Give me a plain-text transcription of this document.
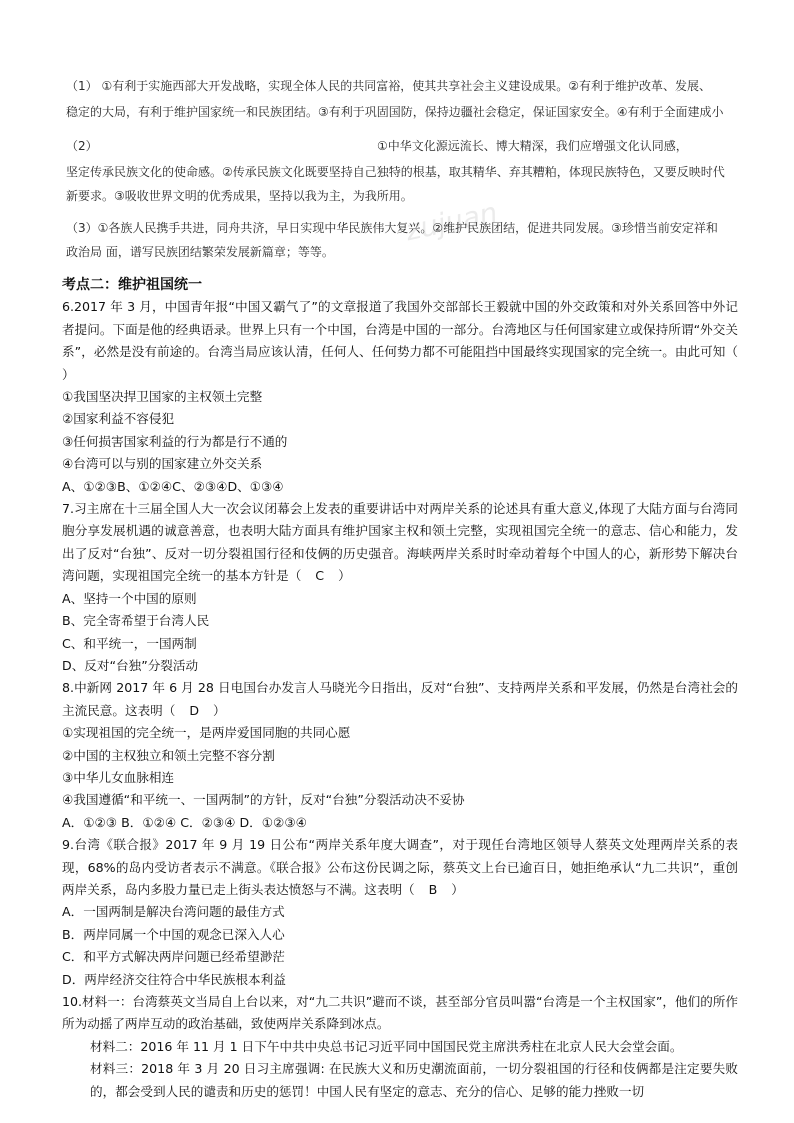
（1） ①有利于实施西部大开发战略，实现全体人民的共同富裕，使其共享社会主义建设成果。②有利于维护改革、发展、
稳定的大局，有利于维护国家统一和民族团结。③有利于巩固国防，保持边疆社会稳定，保证国家安全。④有利于全面建成小
（2）	①中华文化源远流长、博大精深，我们应增强文化认同感，
坚定传承民族文化的使命感。②传承民族文化既要坚持自己独特的根基，取其精华、弃其糟粕，体现民族特色，又要反映时代
新要求。③吸收世界文明的优秀成果，坚持以我为主，为我所用。
（3）①各族人民携手共进，同舟共济，早日实现中华民族伟大复兴。②维护民族团结，促进共同发展。③珍惜当前安定祥和
政治局 面，谱写民族团结繁荣发展新篇章；等等。
zujuan

考点二：维护祖国统一

6.2017 年 3 月，中国青年报“中国又霸气了”的文章报道了我国外交部部长王毅就中国的外交政策和对外关系回答中外记者提问。下面是他的经典语录。世界上只有一个中国，台湾是中国的一部分。台湾地区与任何国家建立或保持所谓“外交关系”，必然是没有前途的。台湾当局应该认清，任何人、任何势力都不可能阻挡中国最终实现国家的完全统一。由此可知（ ）

①我国坚决捍卫国家的主权领土完整

②国家利益不容侵犯

③任何损害国家利益的行为都是行不通的

④台湾可以与别的国家建立外交关系

A、①②③B、①②④C、②③④D、①③④

7.习主席在十三届全国人大一次会议闭幕会上发表的重要讲话中对两岸关系的论述具有重大意义,体现了大陆方面与台湾同胞分享发展机遇的诚意善意，也表明大陆方面具有维护国家主权和领土完整，实现祖国完全统一的意志、信心和能力，发出了反对“台独”、反对一切分裂祖国行径和伎俩的历史强音。海峡两岸关系时时牵动着每个中国人的心，新形势下解决台湾问题，实现祖国完全统一的基本方针是（ C ）

A、坚持一个中国的原则

B、完全寄希望于台湾人民

C、和平统一，一国两制

D、反对“台独”分裂活动

8.中新网 2017 年 6 月 28 日电国台办发言人马晓光今日指出，反对“台独”、支持两岸关系和平发展，仍然是台湾社会的主流民意。这表明（ D ）

①实现祖国的完全统一，是两岸爱国同胞的共同心愿

②中国的主权独立和领土完整不容分割

③中华儿女血脉相连

④我国遵循“和平统一、一国两制”的方针，反对“台独”分裂活动决不妥协

A．①②③ B．①②④ C．②③④ D．①②③④

9.台湾《联合报》2017 年 9 月 19 日公布“两岸关系年度大调查”，对于现任台湾地区领导人蔡英文处理两岸关系的表现，68%的岛内受访者表示不满意。《联合报》公布这份民调之际，蔡英文上台已逾百日，她拒绝承认“九二共识”，重创两岸关系，岛内多股力量已走上街头表达愤怒与不满。这表明（ B ）

A．一国两制是解决台湾问题的最佳方式

B．两岸同属一个中国的观念已深入人心

C．和平方式解决两岸问题已经希望渺茫

D．两岸经济交往符合中华民族根本利益

10.材料一：台湾蔡英文当局自上台以来，对“九二共识”避而不谈，甚至部分官员叫嚣“台湾是一个主权国家”，他们的所作所为动摇了两岸互动的政治基础，致使两岸关系降到冰点。

材料二：2016 年 11 月 1 日下午中共中央总书记习近平同中国国民党主席洪秀柱在北京人民大会堂会面。

材料三：2018 年 3 月 20 日习主席强调: 在民族大义和历史潮流面前，一切分裂祖国的行径和伎俩都是注定要失败的，都会受到人民的谴责和历史的惩罚！中国人民有坚定的意志、充分的信心、足够的能力挫败一切
